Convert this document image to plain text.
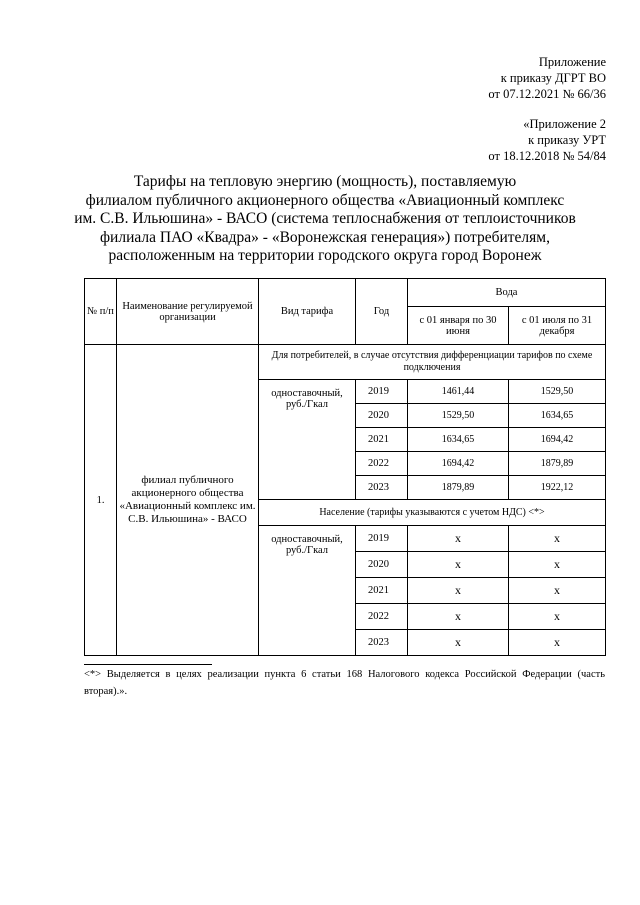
Приложение
к приказу ДГРТ ВО
от 07.12.2021 № 66/36
«Приложение 2
к приказу УРТ
от 18.12.2018 № 54/84
Тарифы на тепловую энергию (мощность), поставляемую
филиалом публичного акционерного общества «Авиационный комплекс
им. С.В. Ильюшина» - ВАСО (система теплоснабжения от теплоисточников
филиала ПАО «Квадра» - «Воронежская генерация») потребителям,
расположенным на территории городского округа город Воронеж
№ п/п	Наименование регулируемой организации	Вид тарифа	Год	Вода	
				с 01 января по 30 июня	с 01 июля по 31 декабря
1.	филиал публичного акционерного общества «Авиационный комплекс им. С.В. Ильюшина» - ВАСО	Для потребителей, в случае отсутствия дифференциации тарифов по схеме подключения			
		одноставочный, руб./Гкал	2019	1461,44	1529,50
			2020	1529,50	1634,65
			2021	1634,65	1694,42
			2022	1694,42	1879,89
			2023	1879,89	1922,12
		Население (тарифы указываются с учетом НДС) <*>			
		одноставочный, руб./Гкал	2019	x	x
			2020	x	x
			2021	x	x
			2022	x	x
			2023	x	x
<*> Выделяется в целях реализации пункта 6 статьи 168 Налогового кодекса Российской Федерации (часть вторая).».
